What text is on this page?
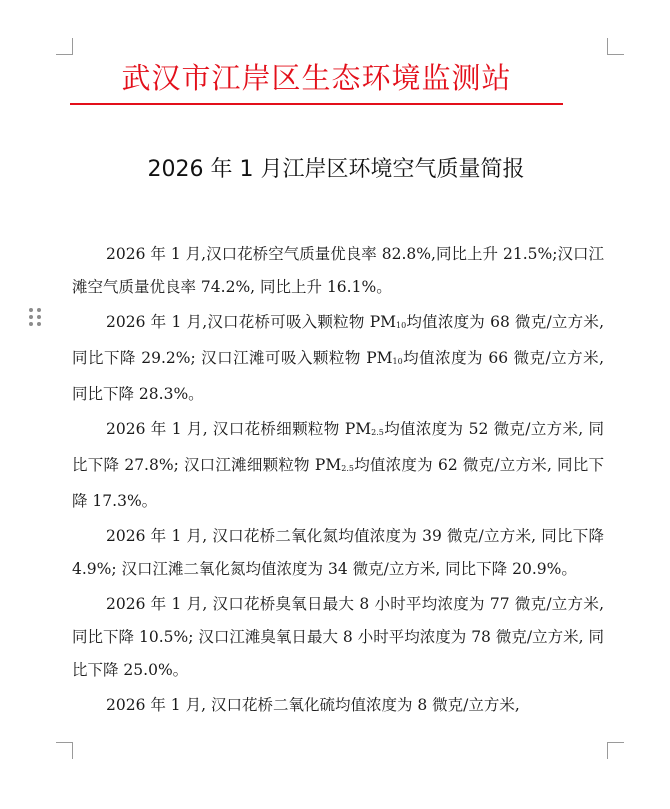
武汉市江岸区生态环境监测站
2026 年 1 月江岸区环境空气质量简报

2026 年 1 月,汉口花桥空气质量优良率 82.8%,同比上升 21.5%;汉口江滩空气质量优良率 74.2%, 同比上升 16.1%。

2026 年 1 月,汉口花桥可吸入颗粒物 $PM_{10}$均值浓度为 68 微克/立方米, 同比下降 29.2%; 汉口江滩可吸入颗粒物 $PM_{10}$均值浓度为 66 微克/立方米, 同比下降 28.3%。

2026 年 1 月, 汉口花桥细颗粒物 $PM_{2.5}$均值浓度为 52 微克/立方米, 同比下降 27.8%; 汉口江滩细颗粒物 $PM_{2.5}$均值浓度为 62 微克/立方米, 同比下降 17.3%。

2026 年 1 月, 汉口花桥二氧化氮均值浓度为 39 微克/立方米, 同比下降 4.9%; 汉口江滩二氧化氮均值浓度为 34 微克/立方米, 同比下降 20.9%。

2026 年 1 月, 汉口花桥臭氧日最大 8 小时平均浓度为 77 微克/立方米, 同比下降 10.5%; 汉口江滩臭氧日最大 8 小时平均浓度为 78 微克/立方米, 同比下降 25.0%。

2026 年 1 月, 汉口花桥二氧化硫均值浓度为 8 微克/立方米,
